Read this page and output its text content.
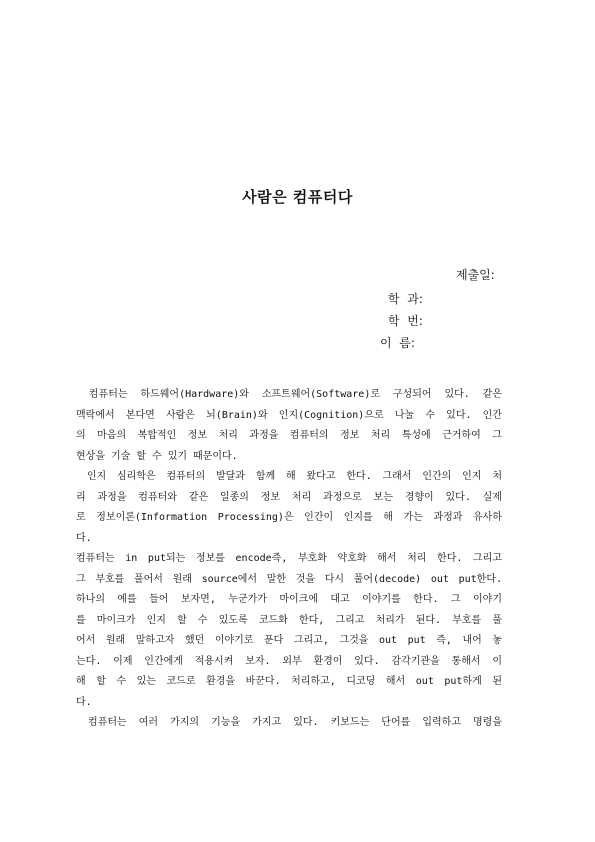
사람은 컴퓨터다
제출일:
학  과:
학  번:
이  름:
컴퓨터는 하드웨어(Hardware)와 소프트웨어(Software)로 구성되어 있다. 같은
맥락에서 본다면 사람은 뇌(Brain)와 인지(Cognition)으로 나눌 수 있다. 인간
의 마음의 복합적인 정보 처리 과정을 컴퓨터의 정보 처리 특성에 근거하여 그
현상을 기술 할 수 있기 때문이다.
인지 심리학은 컴퓨터의 발달과 함께 해 왔다고 한다. 그래서 인간의 인지 처
리 과정을 컴퓨터와 같은 일종의 정보 처리 과정으로 보는 경향이 있다. 실제
로 정보이론(Information Processing)은 인간이 인지를 해 가는 과정과 유사하
다.
컴퓨터는 in put되는 정보를 encode즉, 부호화 약호화 해서 처리 한다. 그리고
그 부호를 풀어서 원래 source에서 말한 것을 다시 풀어(decode) out put한다.
하나의 예를 들어 보자면, 누군가가 마이크에 대고 이야기를 한다. 그 이야기
를 마이크가 인지 할 수 있도록 코드화 한다, 그리고 처리가 된다. 부호를 풀
어서 원래 말하고자 했던 이야기로 푼다 그리고, 그것을 out put 즉, 내어 놓
는다. 이제 인간에게 적용시켜 보자. 외부 환경이 있다. 감각기관을 통해서 이
해 할 수 있는 코드로 환경을 바꾼다. 처리하고, 디코딩 해서 out put하게 된
다.
컴퓨터는 여러 가지의 기능을 가지고 있다. 키보드는 단어를 입력하고 명령을
